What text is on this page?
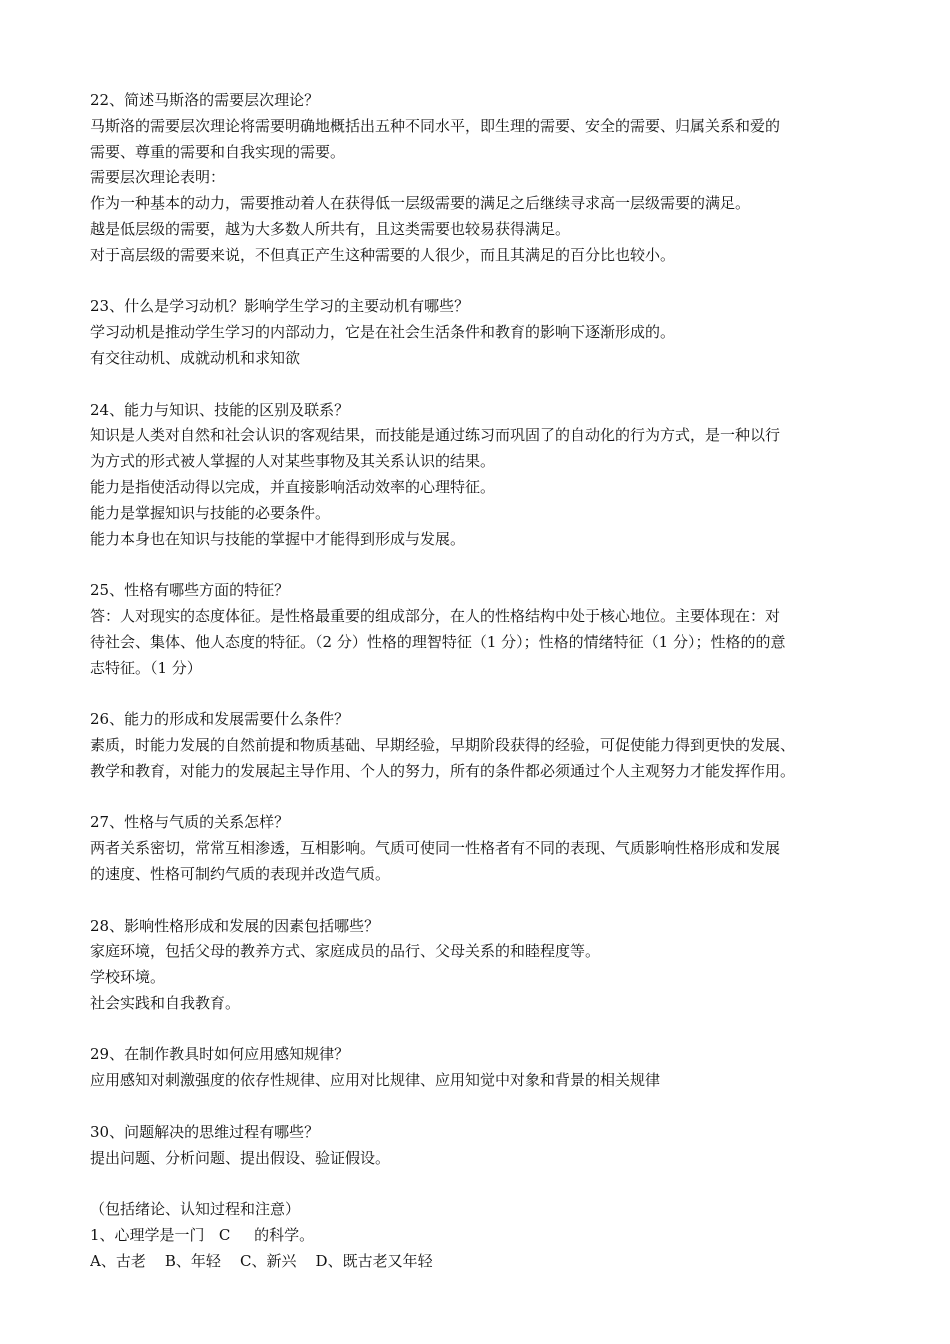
22、简述马斯洛的需要层次理论？
马斯洛的需要层次理论将需要明确地概括出五种不同水平，即生理的需要、安全的需要、归属关系和爱的
需要、尊重的需要和自我实现的需要。
需要层次理论表明：
作为一种基本的动力，需要推动着人在获得低一层级需要的满足之后继续寻求高一层级需要的满足。
越是低层级的需要，越为大多数人所共有，且这类需要也较易获得满足。
对于高层级的需要来说，不但真正产生这种需要的人很少，而且其满足的百分比也较小。
23、什么是学习动机？影响学生学习的主要动机有哪些？
学习动机是推动学生学习的内部动力，它是在社会生活条件和教育的影响下逐渐形成的。
有交往动机、成就动机和求知欲
24、能力与知识、技能的区别及联系？
知识是人类对自然和社会认识的客观结果，而技能是通过练习而巩固了的自动化的行为方式，是一种以行
为方式的形式被人掌握的人对某些事物及其关系认识的结果。
能力是指使活动得以完成，并直接影响活动效率的心理特征。
能力是掌握知识与技能的必要条件。
能力本身也在知识与技能的掌握中才能得到形成与发展。
25、性格有哪些方面的特征？
答：人对现实的态度体征。是性格最重要的组成部分，在人的性格结构中处于核心地位。主要体现在：对
待社会、集体、他人态度的特征。（2 分）性格的理智特征（1 分）；性格的情绪特征（1 分）；性格的的意
志特征。（1 分）
26、能力的形成和发展需要什么条件？
素质，时能力发展的自然前提和物质基础、早期经验，早期阶段获得的经验，可促使能力得到更快的发展、
教学和教育，对能力的发展起主导作用、个人的努力，所有的条件都必须通过个人主观努力才能发挥作用。
27、性格与气质的关系怎样？
两者关系密切，常常互相渗透，互相影响。气质可使同一性格者有不同的表现、气质影响性格形成和发展
的速度、性格可制约气质的表现并改造气质。
28、影响性格形成和发展的因素包括哪些？
家庭环境，包括父母的教养方式、家庭成员的品行、父母关系的和睦程度等。
学校环境。
社会实践和自我教育。
29、在制作教具时如何应用感知规律？
应用感知对刺激强度的依存性规律、应用对比规律、应用知觉中对象和背景的相关规律
30、问题解决的思维过程有哪些？
提出问题、分析问题、提出假设、验证假设。
（包括绪论、认知过程和注意）
1、心理学是一门   C     的科学。
A、古老    B、年轻    C、新兴    D、既古老又年轻
